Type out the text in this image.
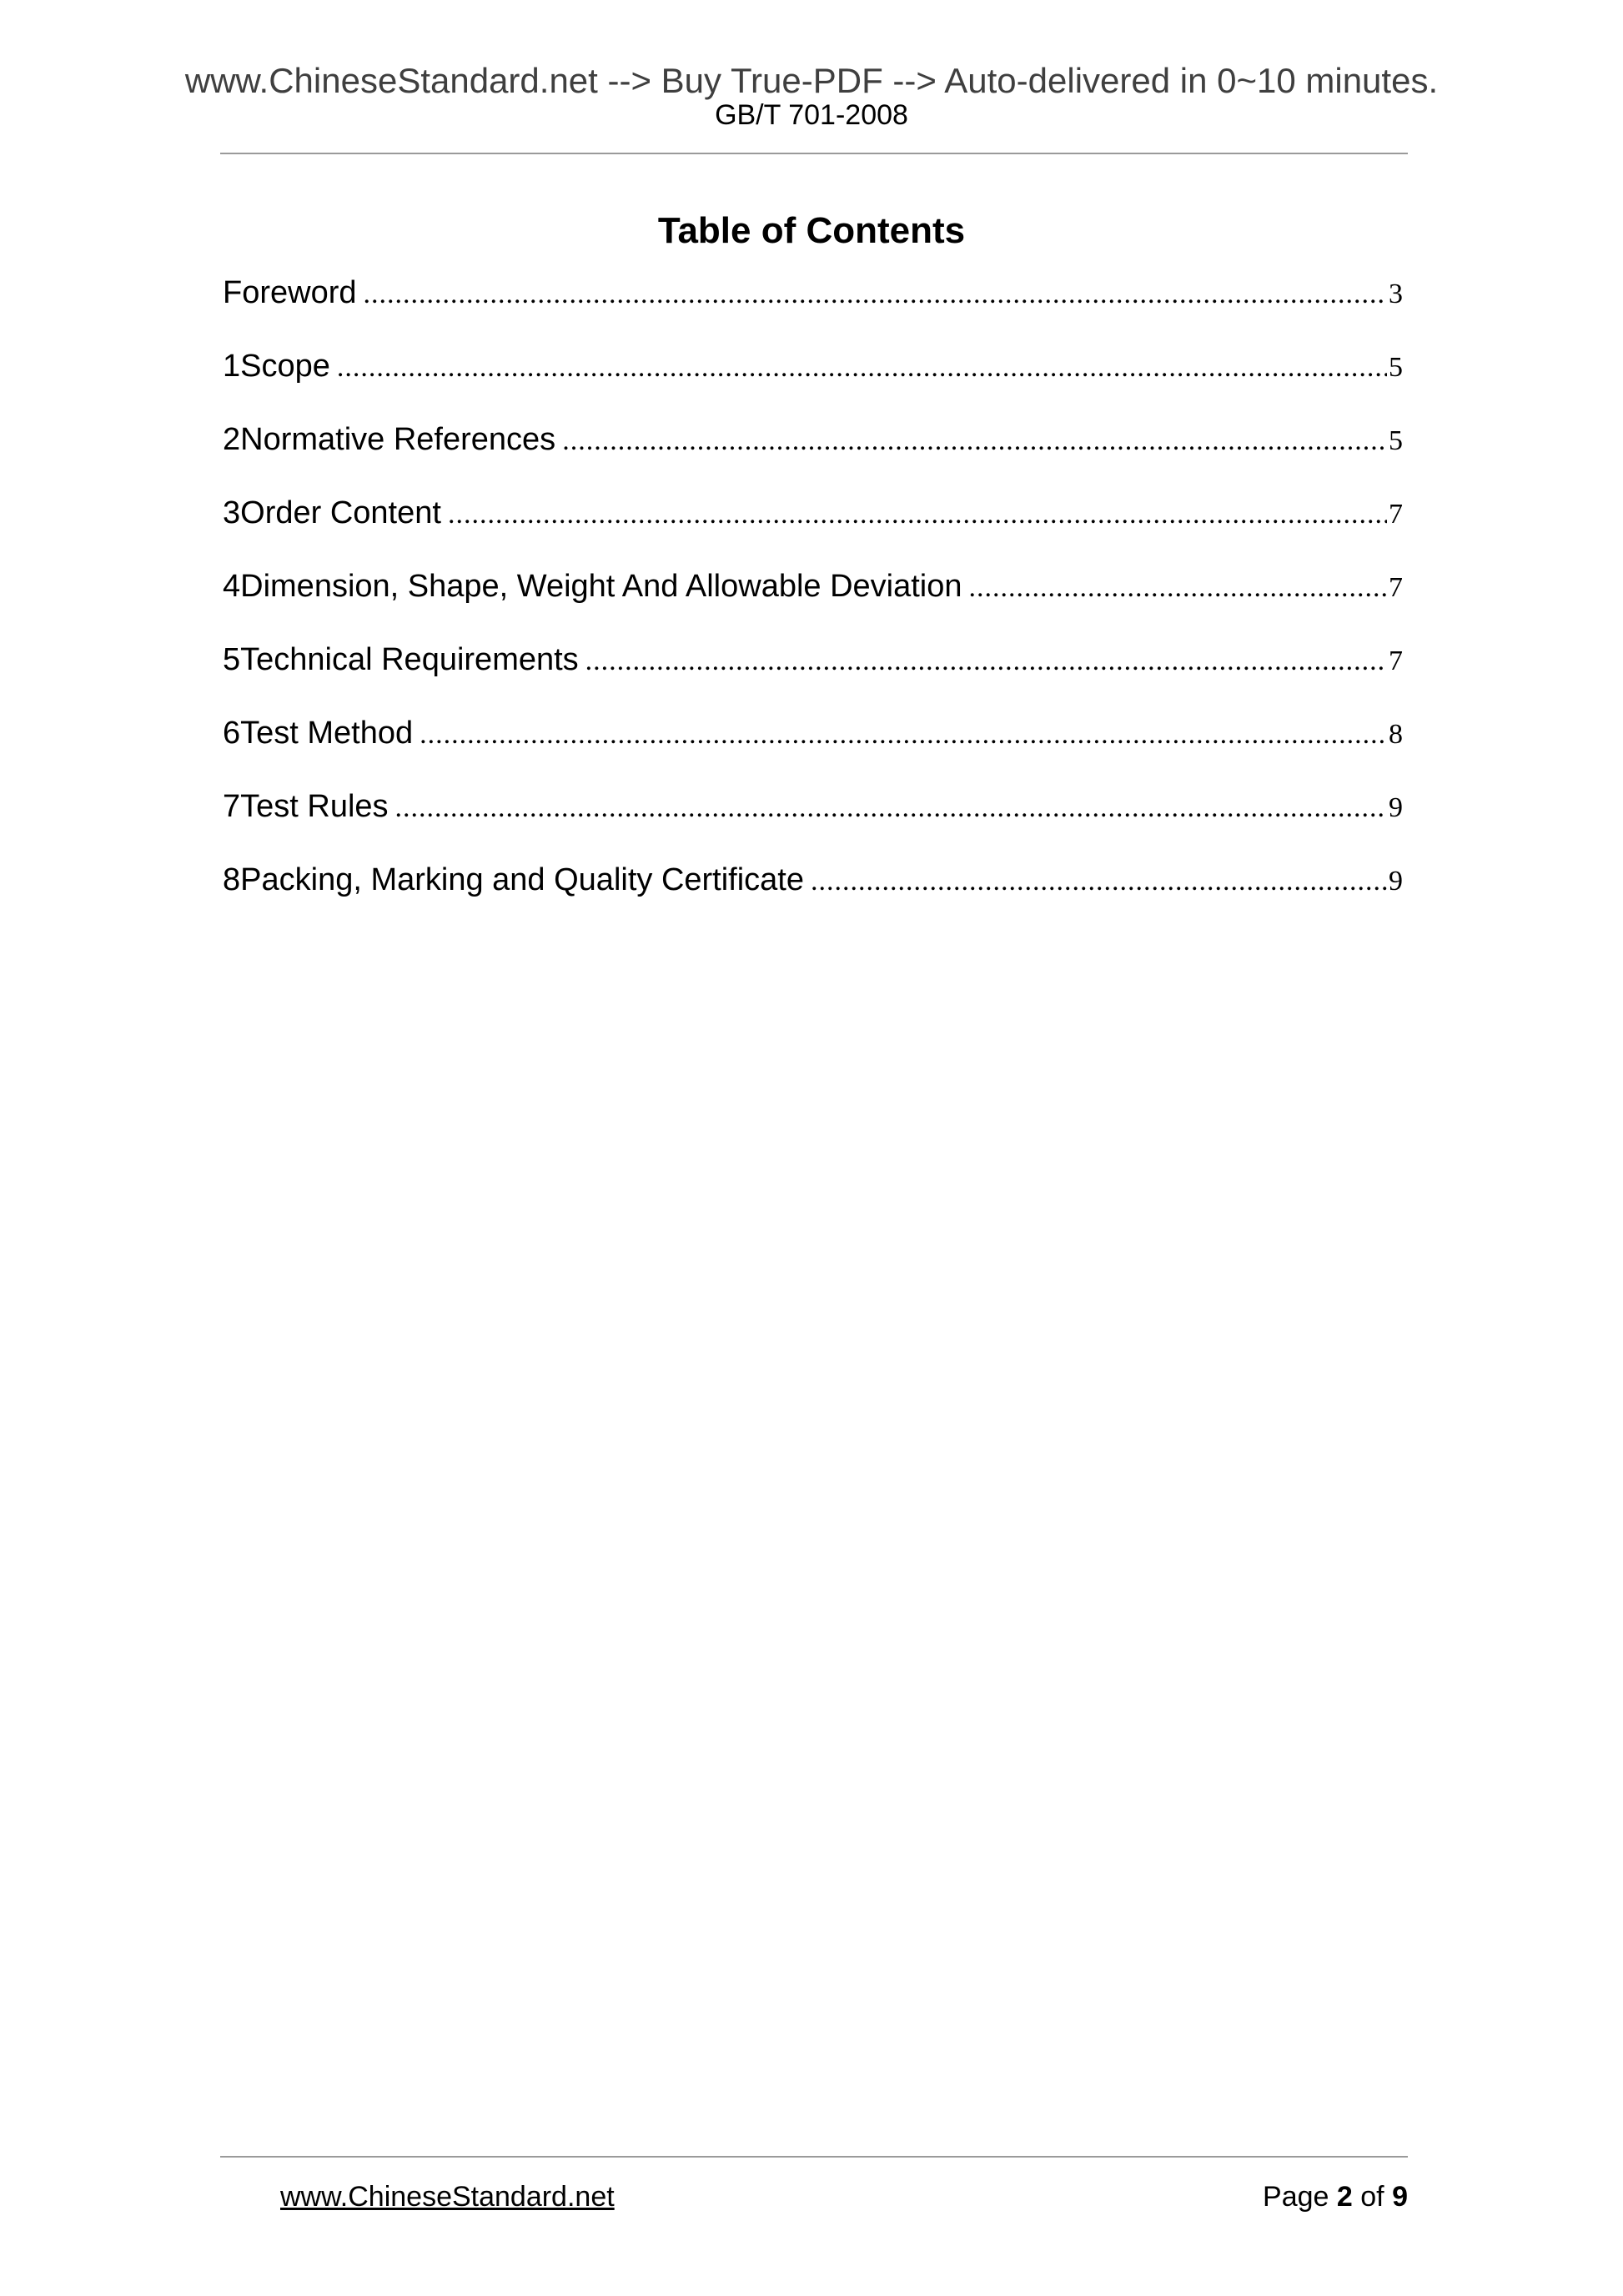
www.ChineseStandard.net --> Buy True-PDF --> Auto-delivered in 0~10 minutes.
GB/T 701-2008
Table of Contents
Foreword .....	3
1 Scope .....	5
2 Normative References .....	5
3 Order Content .....	7
4 Dimension, Shape, Weight And Allowable Deviation .....	7
5 Technical Requirements .....	7
6 Test Method .....	8
7 Test Rules .....	9
8 Packing, Marking and Quality Certificate .....	9
www.ChineseStandard.net	Page 2 of 9
